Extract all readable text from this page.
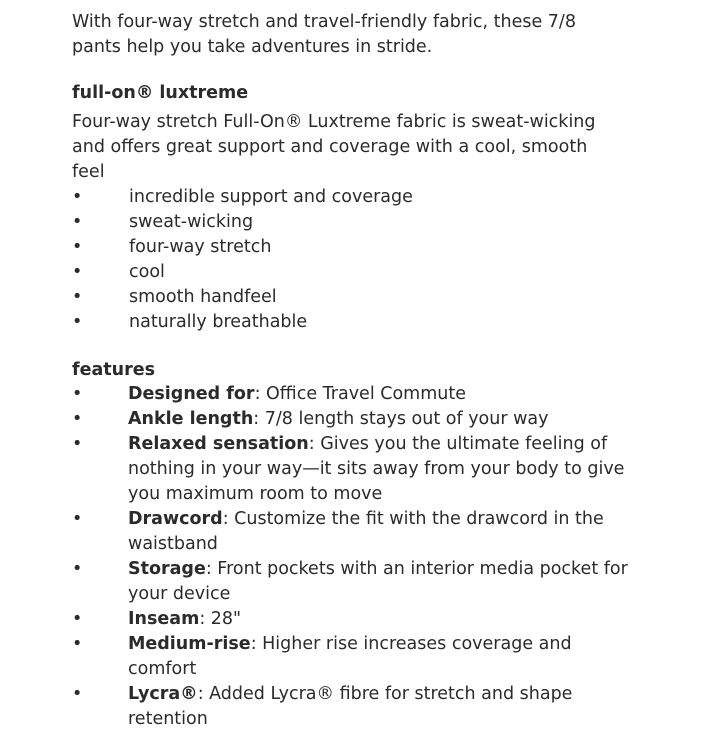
With four-way stretch and travel-friendly fabric, these 7/8 pants help you take adventures in stride.

full-on® luxtreme

Four-way stretch Full-On® Luxtreme fabric is sweat-wicking and offers great support and coverage with a cool, smooth feel

•	incredible support and coverage
•	sweat-wicking
•	four-way stretch
•	cool
•	smooth handfeel
•	naturally breathable
features
•	Designed for: Office Travel Commute
•	Ankle length: 7/8 length stays out of your way
•	Relaxed sensation: Gives you the ultimate feeling of nothing in your way—it sits away from your body to give you maximum room to move
•	Drawcord: Customize the fit with the drawcord in the waistband
•	Storage: Front pockets with an interior media pocket for your device
•	Inseam: 28"
•	Medium-rise: Higher rise increases coverage and comfort
•	Lycra®: Added Lycra® fibre for stretch and shape retention
